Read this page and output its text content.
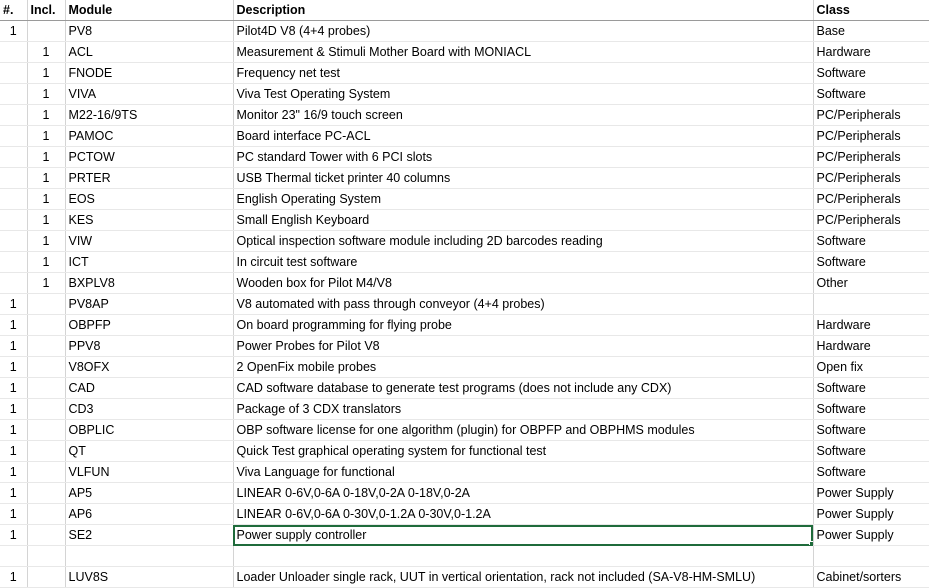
#.	Incl.	Module	Description	Class
1		PV8	Pilot4D V8 (4+4 probes)	Base
	1	ACL	Measurement & Stimuli Mother Board with MONIACL	Hardware
	1	FNODE	Frequency net test	Software
	1	VIVA	Viva Test Operating System	Software
	1	M22-16/9TS	Monitor 23" 16/9 touch screen	PC/Peripherals
	1	PAMOC	Board interface PC-ACL	PC/Peripherals
	1	PCTOW	PC standard Tower with 6 PCI slots	PC/Peripherals
	1	PRTER	USB Thermal ticket printer 40 columns	PC/Peripherals
	1	EOS	English Operating System	PC/Peripherals
	1	KES	Small English Keyboard	PC/Peripherals
	1	VIW	Optical inspection software module including 2D barcodes reading	Software
	1	ICT	In circuit test software	Software
	1	BXPLV8	Wooden box for Pilot M4/V8	Other
1		PV8AP	V8 automated with pass through conveyor (4+4 probes)	
1		OBPFP	On board programming for flying probe	Hardware
1		PPV8	Power Probes for Pilot V8	Hardware
1		V8OFX	2 OpenFix mobile probes	Open fix
1		CAD	CAD software database to generate test programs (does not include any CDX)	Software
1		CD3	Package of 3 CDX translators	Software
1		OBPLIC	OBP software license for one algorithm (plugin) for OBPFP and OBPHMS modules	Software
1		QT	Quick Test graphical operating system for functional test	Software
1		VLFUN	Viva Language for functional	Software
1		AP5	LINEAR 0-6V,0-6A 0-18V,0-2A 0-18V,0-2A	Power Supply
1		AP6	LINEAR 0-6V,0-6A 0-30V,0-1.2A 0-30V,0-1.2A	Power Supply
1		SE2	Power supply controller	Power Supply

1		LUV8S	Loader Unloader single rack, UUT in vertical orientation, rack not included (SA-V8-HM-SMLU)	Cabinet/sorters
